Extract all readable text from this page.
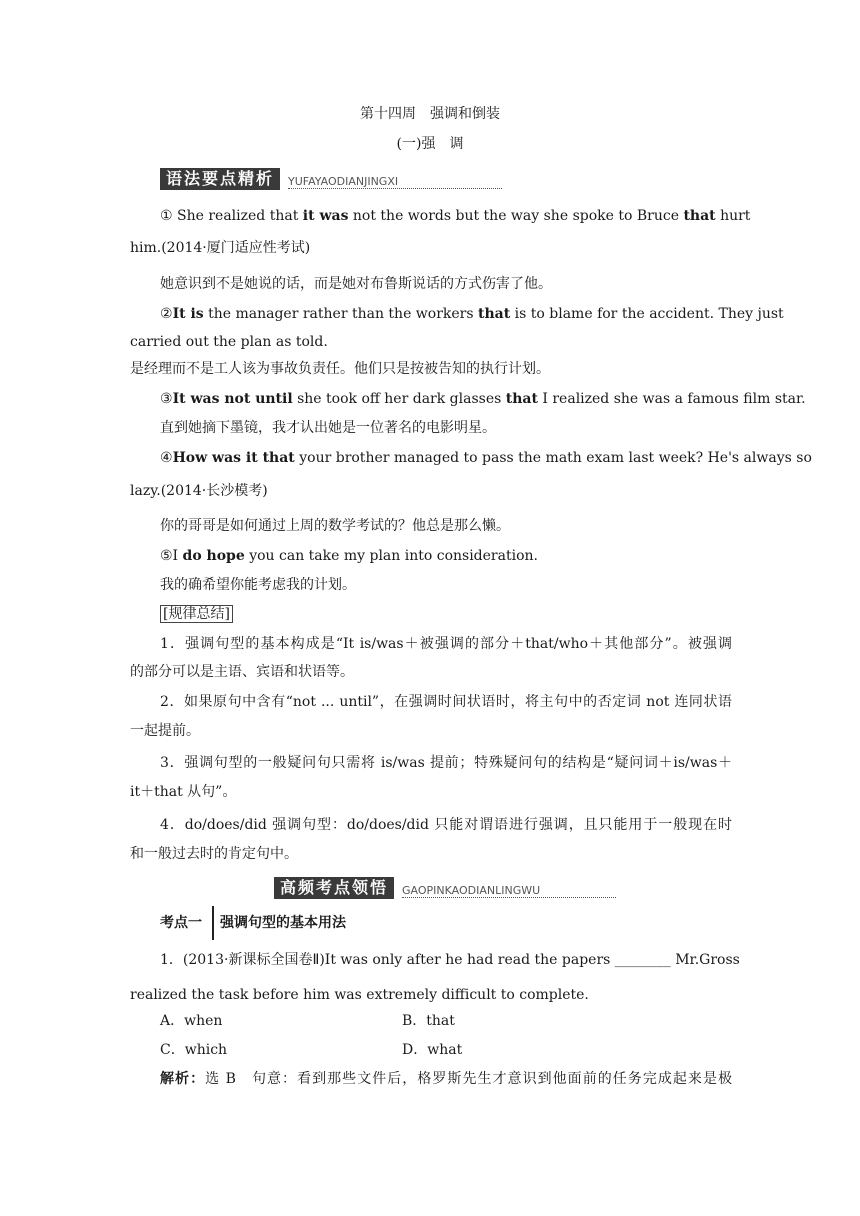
第十四周　强调和倒装
(一)强　调
语法要点精析	YUFAYAODIANJINGXI
① She realized that it was not the words but the way she spoke to Bruce that hurt
him.(2014·厦门适应性考试)
她意识到不是她说的话，而是她对布鲁斯说话的方式伤害了他。
②It is the manager rather than the workers that is to blame for the accident. They just
carried out the plan as told.
是经理而不是工人该为事故负责任。他们只是按被告知的执行计划。
③It was not until she took off her dark glasses that I realized she was a famous film star.
直到她摘下墨镜，我才认出她是一位著名的电影明星。
④How was it that your brother managed to pass the math exam last week? He's always so
lazy.(2014·长沙模考)
你的哥哥是如何通过上周的数学考试的？他总是那么懒。
⑤I do hope you can take my plan into consideration.
我的确希望你能考虑我的计划。
[规律总结]
1．强调句型的基本构成是“It is/was＋被强调的部分＋that/who＋其他部分”。被强调
的部分可以是主语、宾语和状语等。
2．如果原句中含有“not ... until”，在强调时间状语时，将主句中的否定词 not 连同状语
一起提前。
3．强调句型的一般疑问句只需将 is/was 提前；特殊疑问句的结构是“疑问词＋is/was＋
it＋that 从句”。
4．do/does/did 强调句型：do/does/did 只能对谓语进行强调，且只能用于一般现在时
和一般过去时的肯定句中。
高频考点领悟	GAOPINKAODIANLINGWU
考点一 强调句型的基本用法
1．(2013·新课标全国卷Ⅱ)It was only after he had read the papers ________ Mr.Gross
realized the task before him was extremely difficult to complete.
A．when	B．that
C．which	D．what
解析：选 B　句意：看到那些文件后，格罗斯先生才意识到他面前的任务完成起来是极
